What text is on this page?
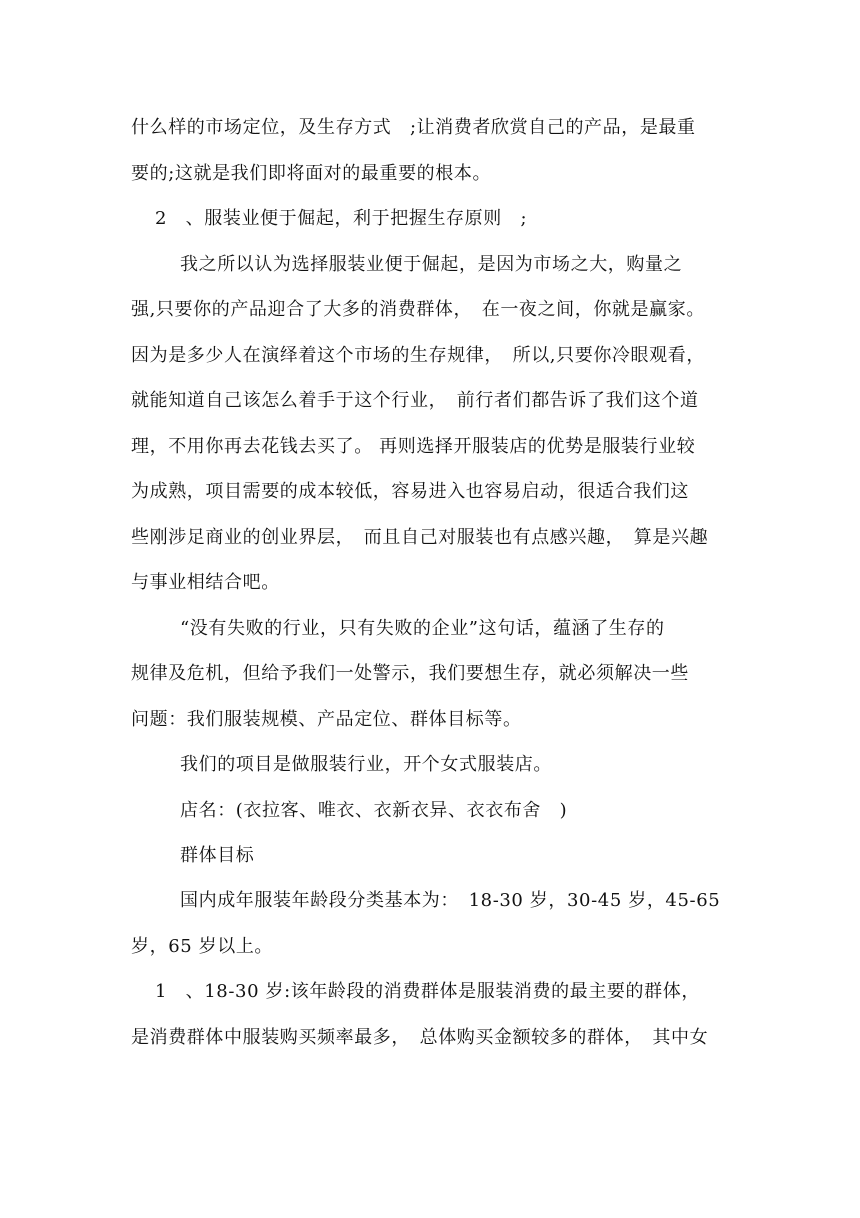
什么样的市场定位，及生存方式　;让消费者欣赏自己的产品，是最重
要的;这就是我们即将面对的最重要的根本。
2　、服装业便于倔起，利于把握生存原则　;
我之所以认为选择服装业便于倔起，是因为市场之大，购量之
强,只要你的产品迎合了大多的消费群体，　在一夜之间，你就是赢家。
因为是多少人在演绎着这个市场的生存规律，　所以,只要你冷眼观看，
就能知道自己该怎么着手于这个行业，　前行者们都告诉了我们这个道
理，不用你再去花钱去买了。 再则选择开服装店的优势是服装行业较
为成熟，项目需要的成本较低，容易进入也容易启动，很适合我们这
些刚涉足商业的创业界层，　而且自己对服装也有点感兴趣，　算是兴趣
与事业相结合吧。
“没有失败的行业，只有失败的企业”这句话，蕴涵了生存的
规律及危机，但给予我们一处警示，我们要想生存，就必须解决一些
问题：我们服装规模、产品定位、群体目标等。
我们的项目是做服装行业，开个女式服装店。
店名：(衣拉客、唯衣、衣新衣异、衣衣布舍　)
群体目标
国内成年服装年龄段分类基本为：　18-30 岁，30-45 岁，45-65
岁，65 岁以上。
1　、18-30 岁:该年龄段的消费群体是服装消费的最主要的群体，
是消费群体中服装购买频率最多，　总体购买金额较多的群体，　其中女
